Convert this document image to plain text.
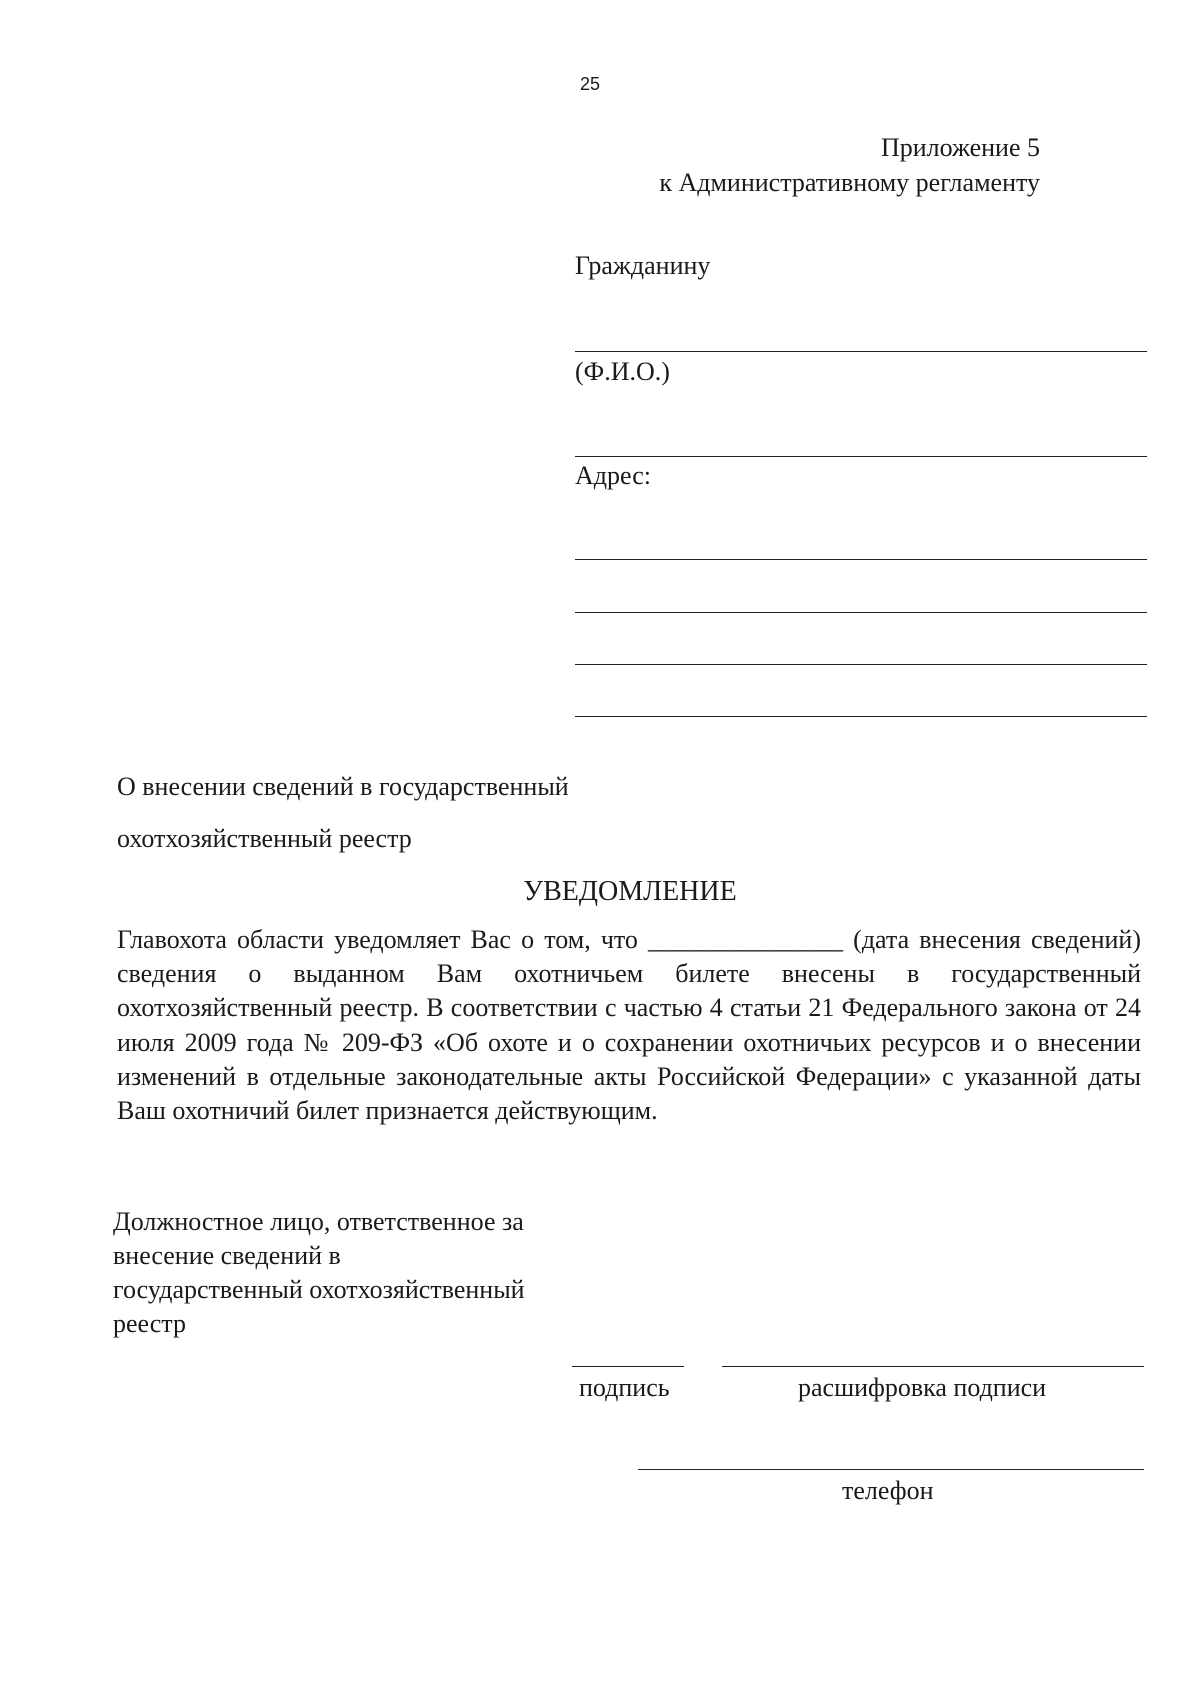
25
Приложение 5
к Административному регламенту
Гражданину
(Ф.И.О.)
Адрес:
О внесении сведений в государственный
охотхозяйственный реестр
УВЕДОМЛЕНИЕ
Главохота области уведомляет Вас о том, что _______________ (дата внесения сведений) сведения о выданном Вам охотничьем билете внесены в государственный охотхозяйственный реестр. В соответствии с частью 4 статьи 21 Федерального закона от 24 июля 2009 года № 209-ФЗ «Об охоте и о сохранении охотничьих ресурсов и о внесении изменений в отдельные законодательные акты Российской Федерации» с указанной даты Ваш охотничий билет признается действующим.
Должностное лицо, ответственное за
внесение сведений в
государственный охотхозяйственный
реестр
подпись	расшифровка подписи
телефон
